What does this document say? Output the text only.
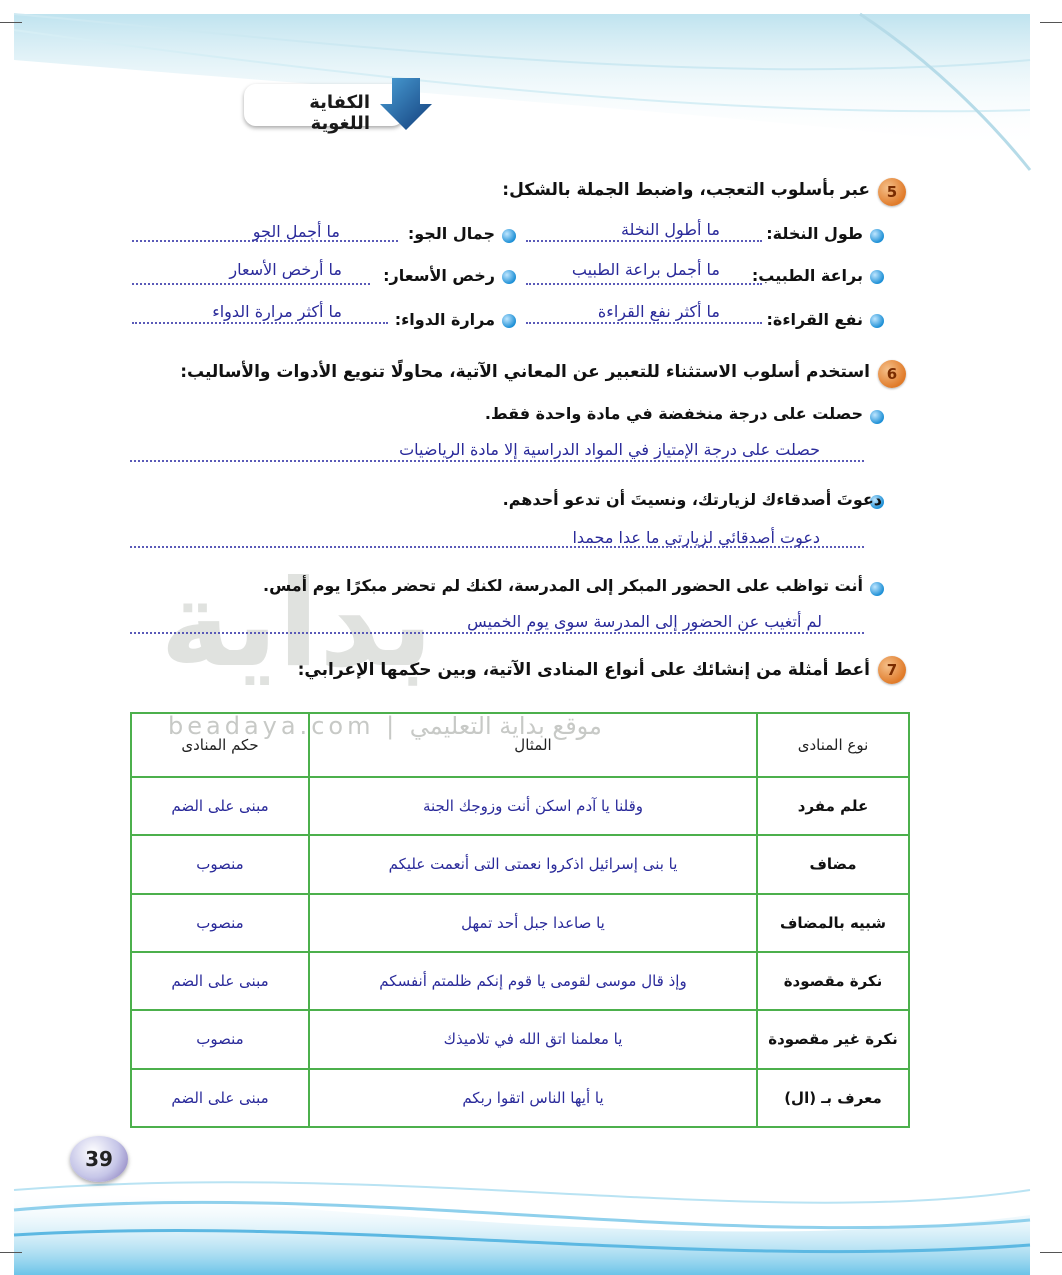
الكفاية اللغوية
بداية
beadaya.com | موقع بداية التعليمي
5
عبر بأسلوب التعجب، واضبط الجملة بالشكل:
طول النخلة:
ما أطول النخلة
جمال الجو:
ما أجمل الجو
براعة الطبيب:
ما أجمل براعة الطبيب
رخص الأسعار:
ما أرخص الأسعار
نفع القراءة:
ما أكثر نفع القراءة
مرارة الدواء:
ما أكثر مرارة الدواء
6
استخدم أسلوب الاستثناء للتعبير عن المعاني الآتية، محاولًا تنويع الأدوات والأساليب:
حصلت على درجة منخفضة في مادة واحدة فقط.
حصلت على درجة الإمتياز في المواد الدراسية إلا مادة الرياضيات
دعوتَ أصدقاءك لزيارتك، ونسيتَ أن تدعو أحدهم.
دعوت أصدقائي لزيارتي ما عدا محمدا
أنت تواظب على الحضور المبكر إلى المدرسة، لكنك لم تحضر مبكرًا يوم أمس.
لم أتغيب عن الحضور إلى المدرسة سوى يوم الخميس
7
أعط أمثلة من إنشائك على أنواع المنادى الآتية، وبين حكمها الإعرابي:
نوع المنادى	المثال	حكم المنادى
علم مفرد	وقلنا يا آدم اسكن أنت وزوجك الجنة	مبنى على الضم
مضاف	يا بنى إسرائيل اذكروا نعمتى التى أنعمت عليكم	منصوب
شبيه بالمضاف	يا صاعدا جبل أحد تمهل	منصوب
نكرة مقصودة	وإذ قال موسى لقومى يا قوم إنكم ظلمتم أنفسكم	مبنى على الضم
نكرة غير مقصودة	يا معلمنا اتق الله في تلاميذك	منصوب
معرف بـ (ال)	يا أيها الناس اتقوا ربكم	مبنى على الضم
39
